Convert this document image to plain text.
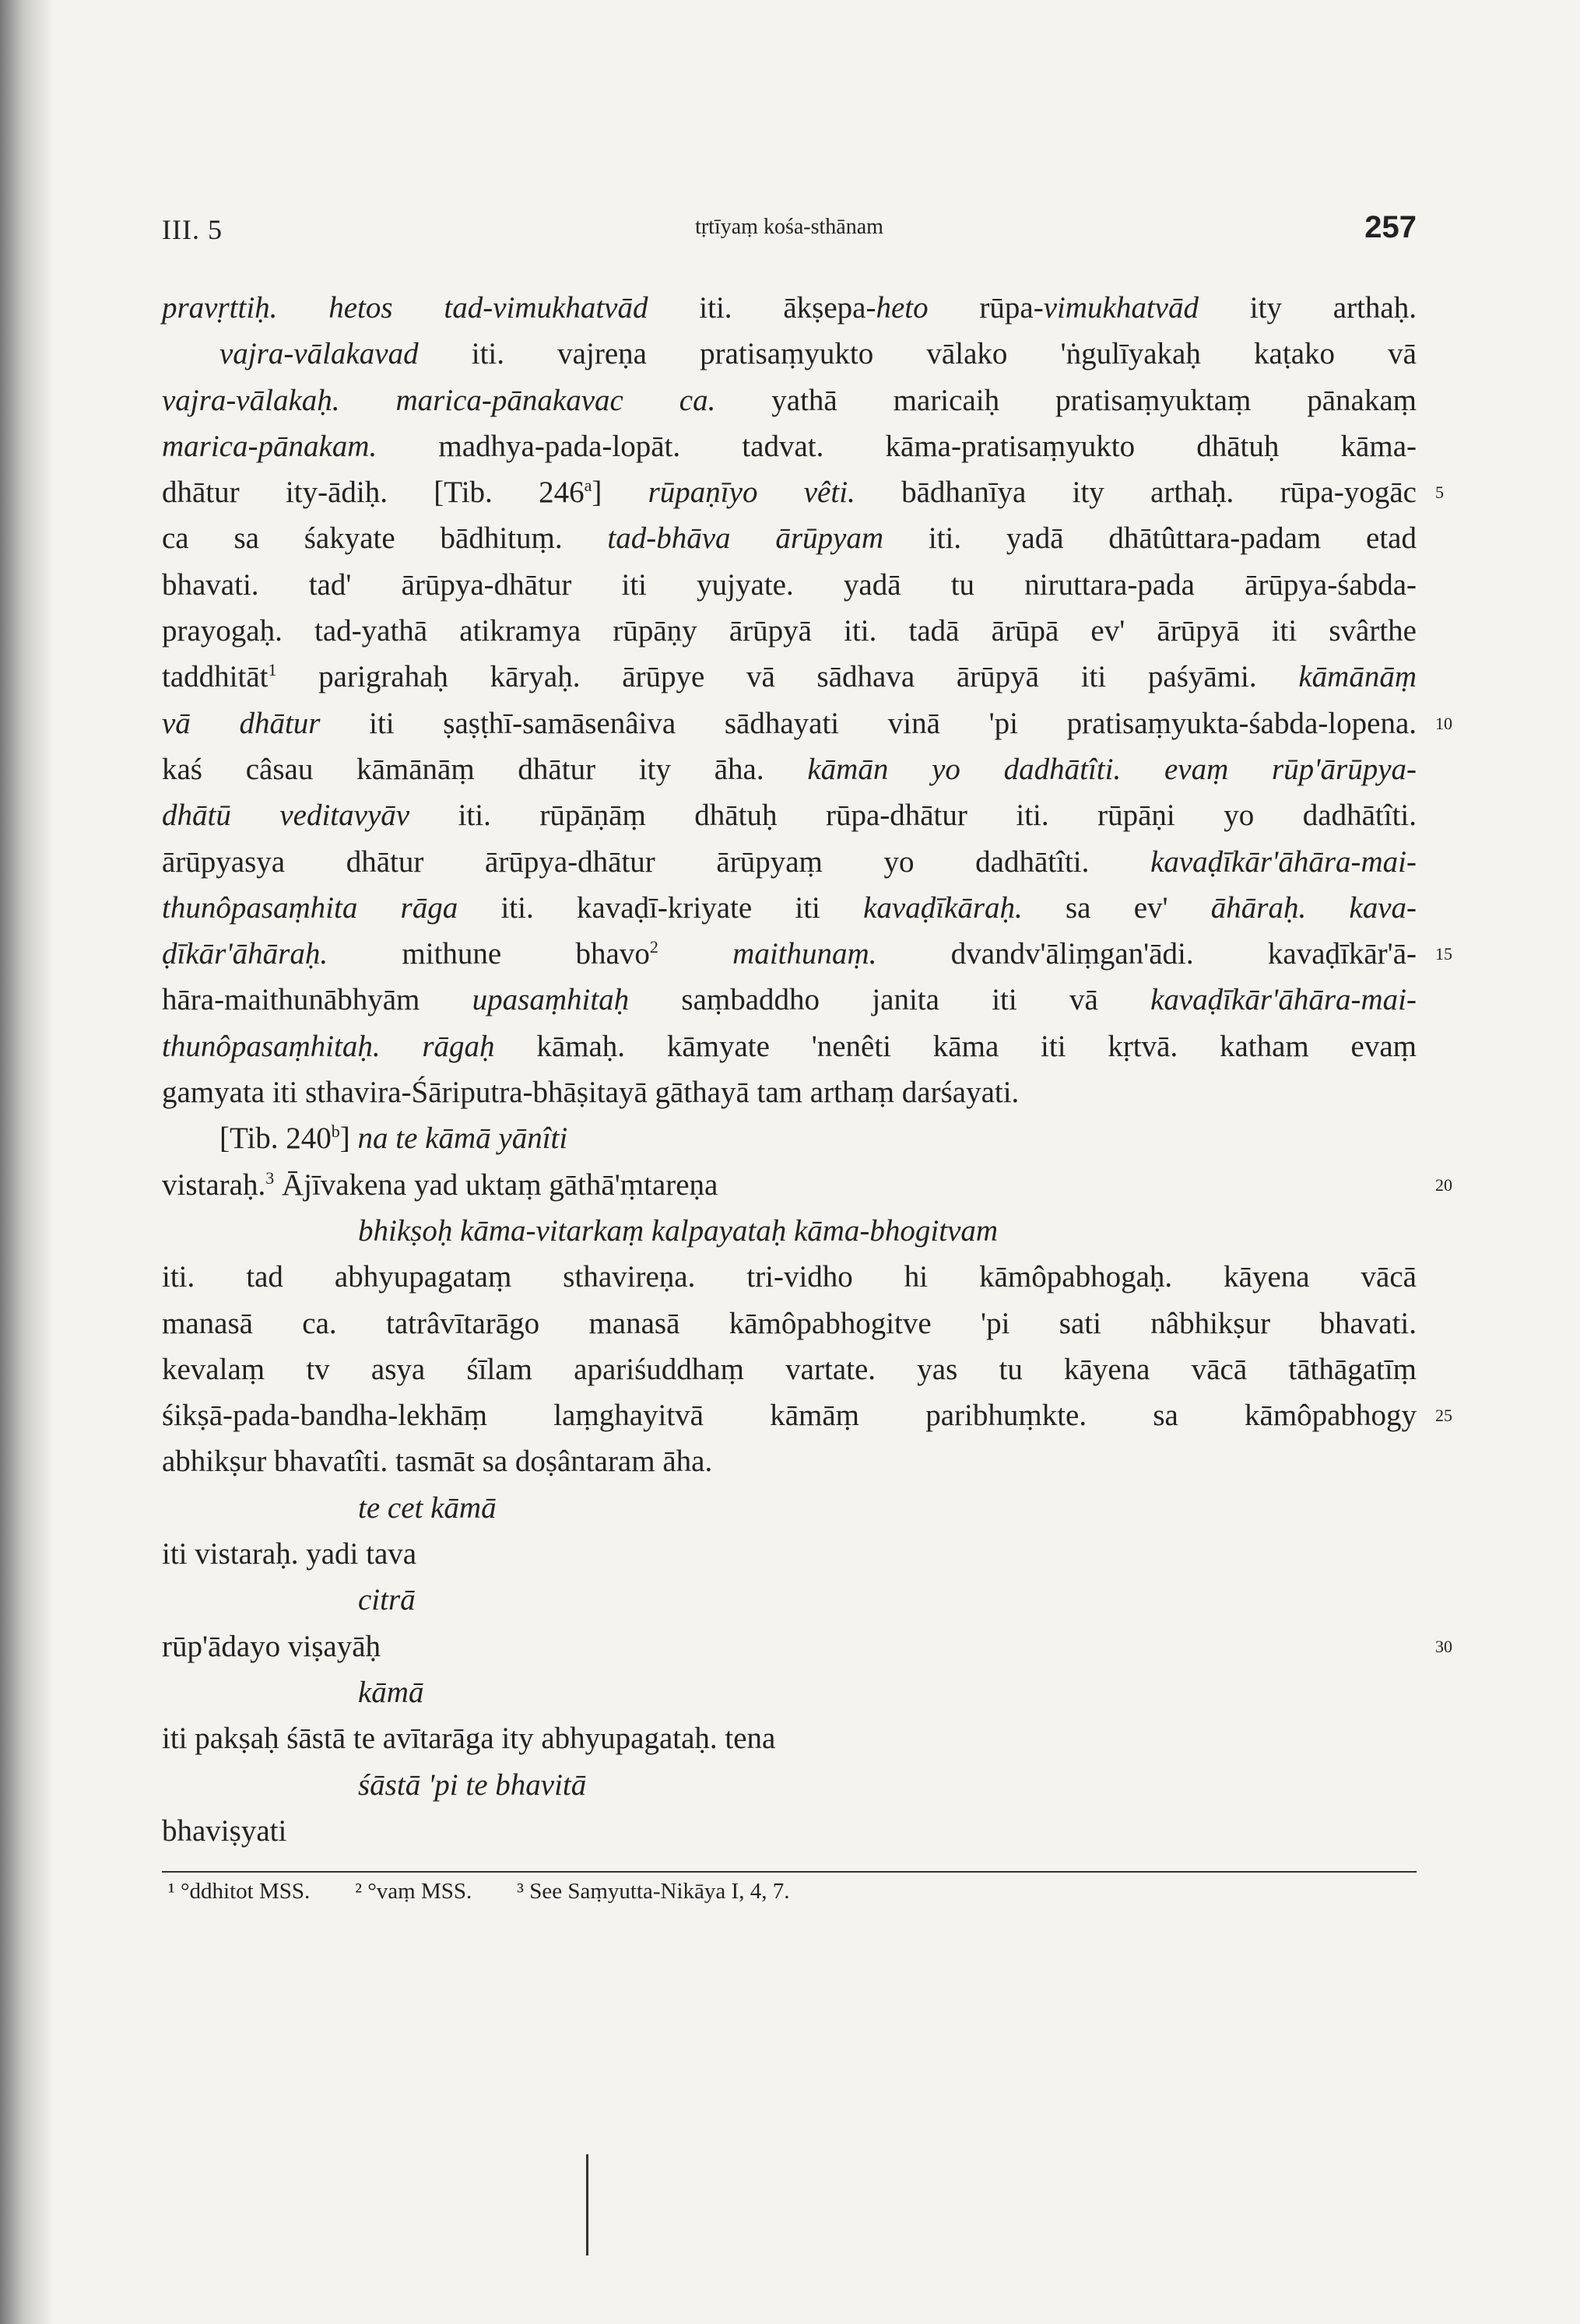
III. 5	tṛtīyaṃ kośa-sthānam	257
pravṛttiḥ. hetos tad-vimukhatvād iti. ākṣepa-heto rūpa-vimukhatvād ity arthaḥ.
vajra-vālakavad iti. vajreṇa pratisaṃyukto vālako 'ṅgulīyakaḥ kaṭako vā
vajra-vālakaḥ. marica-pānakavac ca. yathā maricaiḥ pratisaṃyuktaṃ pānakaṃ
marica-pānakam. madhya-pada-lopāt. tadvat. kāma-pratisaṃyukto dhātuḥ kāma-
dhātur ity-ādiḥ. [Tib. 246$^a$] rūpaṇīyo vêti. bādhanīya ity arthaḥ. rūpa-yogāc 5
ca sa śakyate bādhituṃ. tad-bhāva ārūpyam iti. yadā dhātûttara-padam etad
bhavati. tad' ārūpya-dhātur iti yujyate. yadā tu niruttara-pada ārūpya-śabda-
prayogaḥ. tad-yathā atikramya rūpāṇy ārūpyā iti. tadā ārūpā ev' ārūpyā iti svârthe
taddhitāt$^1$ parigrahaḥ kāryaḥ. ārūpye vā sādhava ārūpyā iti paśyāmi. kāmānāṃ
vā dhātur iti ṣaṣṭhī-samāsenâiva sādhayati vinā 'pi pratisaṃyukta-śabda-lopena. 10
kaś câsau kāmānāṃ dhātur ity āha. kāmān yo dadhātîti. evaṃ rūp'ārūpya-
dhātū veditavyāv iti. rūpāṇāṃ dhātuḥ rūpa-dhātur iti. rūpāṇi yo dadhātîti.
ārūpyasya dhātur ārūpya-dhātur ārūpyaṃ yo dadhātîti. kavaḍīkār'āhāra-mai-
thunôpasaṃhita rāga iti. kavaḍī-kriyate iti kavaḍīkāraḥ. sa ev' āhāraḥ. kava-
ḍīkār'āhāraḥ. mithune bhavo$^2$ maithunaṃ. dvandv'āliṃgan'ādi. kavaḍīkār'ā- 15
hāra-maithunābhyām upasaṃhitaḥ saṃbaddho janita iti vā kavaḍīkār'āhāra-mai-
thunôpasaṃhitaḥ. rāgaḥ kāmaḥ. kāmyate 'nenêti kāma iti kṛtvā. katham evaṃ
gamyata iti sthavira-Śāriputra-bhāṣitayā gāthayā tam arthaṃ darśayati.
[Tib. 240$^b$] na te kāmā yānîti
vistaraḥ.$^3$ Ājīvakena yad uktaṃ gāthā'ṃtareṇa	20
bhikṣoḥ kāma-vitarkaṃ kalpayataḥ kāma-bhogitvam
iti. tad abhyupagataṃ sthavireṇa. tri-vidho hi kāmôpabhogaḥ. kāyena vācā
manasā ca. tatrâvītarāgo manasā kāmôpabhogitve 'pi sati nâbhikṣur bhavati.
kevalaṃ tv asya śīlam apariśuddhaṃ vartate. yas tu kāyena vācā tāthāgatīṃ
śikṣā-pada-bandha-lekhāṃ laṃghayitvā kāmāṃ paribhuṃkte. sa kāmôpabhogy 25
abhikṣur bhavatîti. tasmāt sa doṣântaram āha.
te cet kāmā
iti vistaraḥ. yadi tava
citrā
rūp'ādayo viṣayāḥ	30
kāmā
iti pakṣaḥ śāstā te avītarāga ity abhyupagataḥ. tena
śāstā 'pi te bhavitā
bhaviṣyati
¹ °ddhitot MSS. ² °vaṃ MSS. ³ See Saṃyutta-Nikāya I, 4, 7.
